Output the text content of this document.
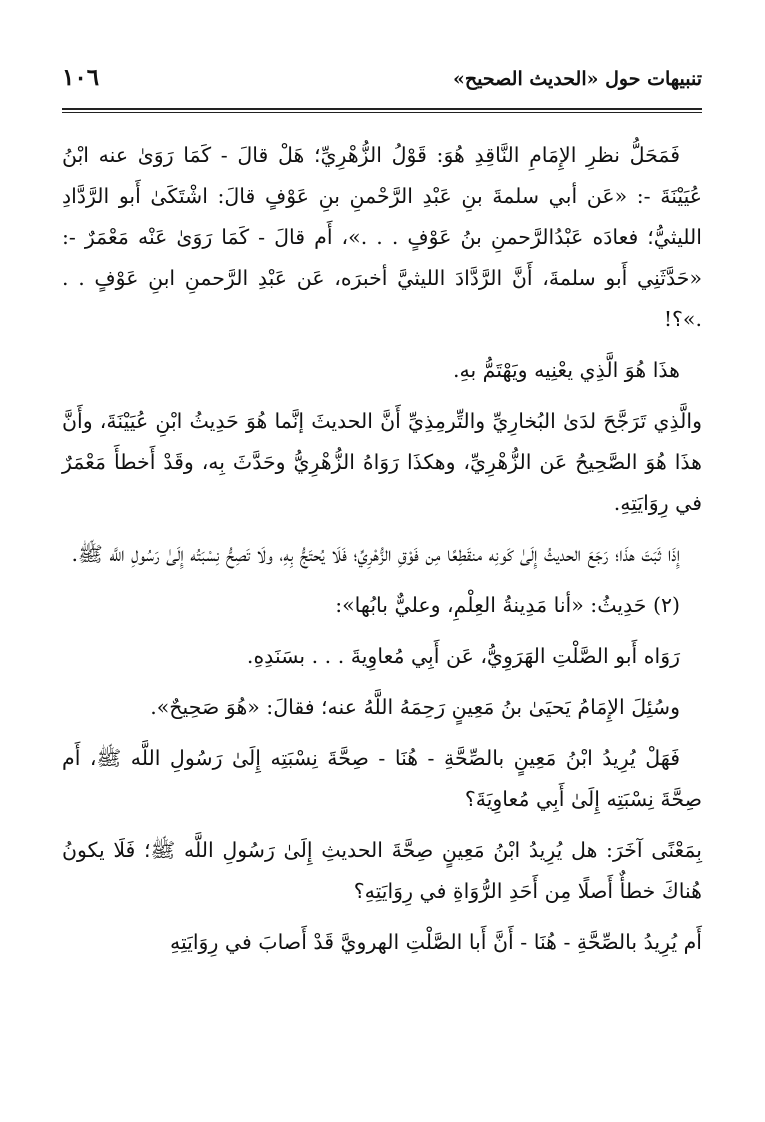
تنبيهات حول «الحديث الصحيح»
١٠٦

فَمَحَلُّ نظرِ الإِمَامِ النَّاقِدِ هُوَ: قَوْلُ الزُّهْرِيِّ؛ هَلْ قالَ - كَمَا رَوَىٰ عنه ابْنُ عُيَيْنَةَ -: «عَن أبي سلمةَ بنِ عَبْدِ الرَّحْمنِ بنِ عَوْفٍ قالَ: اشْتَكَىٰ أَبو الرَّدَّادِ الليثيُّ؛ فعادَه عَبْدُالرَّحمنِ بنُ عَوْفٍ . . .»، أَم قالَ - كَمَا رَوَىٰ عَنْه مَعْمَرٌ -: «حَدَّثَنِي أَبو سلمةَ، أَنَّ الرَّدَّادَ الليثيَّ أخبرَه، عَن عَبْدِ الرَّحمنِ ابنِ عَوْفٍ . . .»؟!

هذَا هُوَ الَّذِي يعْنِيه ويَهْتَمُّ بهِ.

والَّذِي تَرَجَّحَ لدَىٰ البُخارِيِّ والتِّرمِذِيِّ أَنَّ الحديثَ إنَّما هُوَ حَدِيثُ ابْنِ عُيَيْنَةَ، وأَنَّ هذَا هُوَ الصَّحِيحُ عَن الزُّهْرِيِّ، وهكذَا رَوَاهُ الزُّهْرِيُّ وحَدَّثَ بِه، وقَدْ أَخطأَ مَعْمَرٌ في رِوَايَتِهِ.

إِذَا ثَبَتَ هذَا؛ رَجَعَ الحديثُ إِلَىٰ كَونِه منقَطِعًا مِن فَوْقِ الزُّهْرِيِّ؛ فَلَا يُحتَجُّ بِهِ، ولَا تَصِحُّ نِسْبَتُه إِلَىٰ رَسُولِ اللَّه ﷺ.

(٢) حَدِيثُ: «أنا مَدِينةُ العِلْمِ، وعليٌّ بابُها»:

رَوَاه أَبو الصَّلْتِ الهَرَوِيُّ، عَن أَبِي مُعاوِيةَ . . . بسَنَدِهِ.

وسُئِلَ الإِمَامُ يَحيَىٰ بنُ مَعِينٍ رَحِمَهُ اللَّهُ عنه؛ فقالَ: «هُوَ صَحِيحٌ».

فَهَلْ يُرِيدُ ابْنُ مَعِينٍ بالصِّحَّةِ - هُنَا - صِحَّةَ نِسْبَتِه إِلَىٰ رَسُولِ اللَّه ﷺ، أَم صِحَّةَ نِسْبَتِه إِلَىٰ أَبِي مُعاوِيَةَ؟

بِمَعْنًى آخَرَ: هل يُرِيدُ ابْنُ مَعِينٍ صِحَّةَ الحديثِ إِلَىٰ رَسُولِ اللَّه ﷺ؛ فَلَا يكونُ هُناكَ خطأٌ أَصلًا مِن أَحَدِ الرُّوَاةِ في رِوَايَتِهِ؟

أَم يُرِيدُ بالصِّحَّةِ - هُنَا - أَنَّ أَبا الصَّلْتِ الهرويَّ قَدْ أَصابَ في رِوَايَتِهِ
